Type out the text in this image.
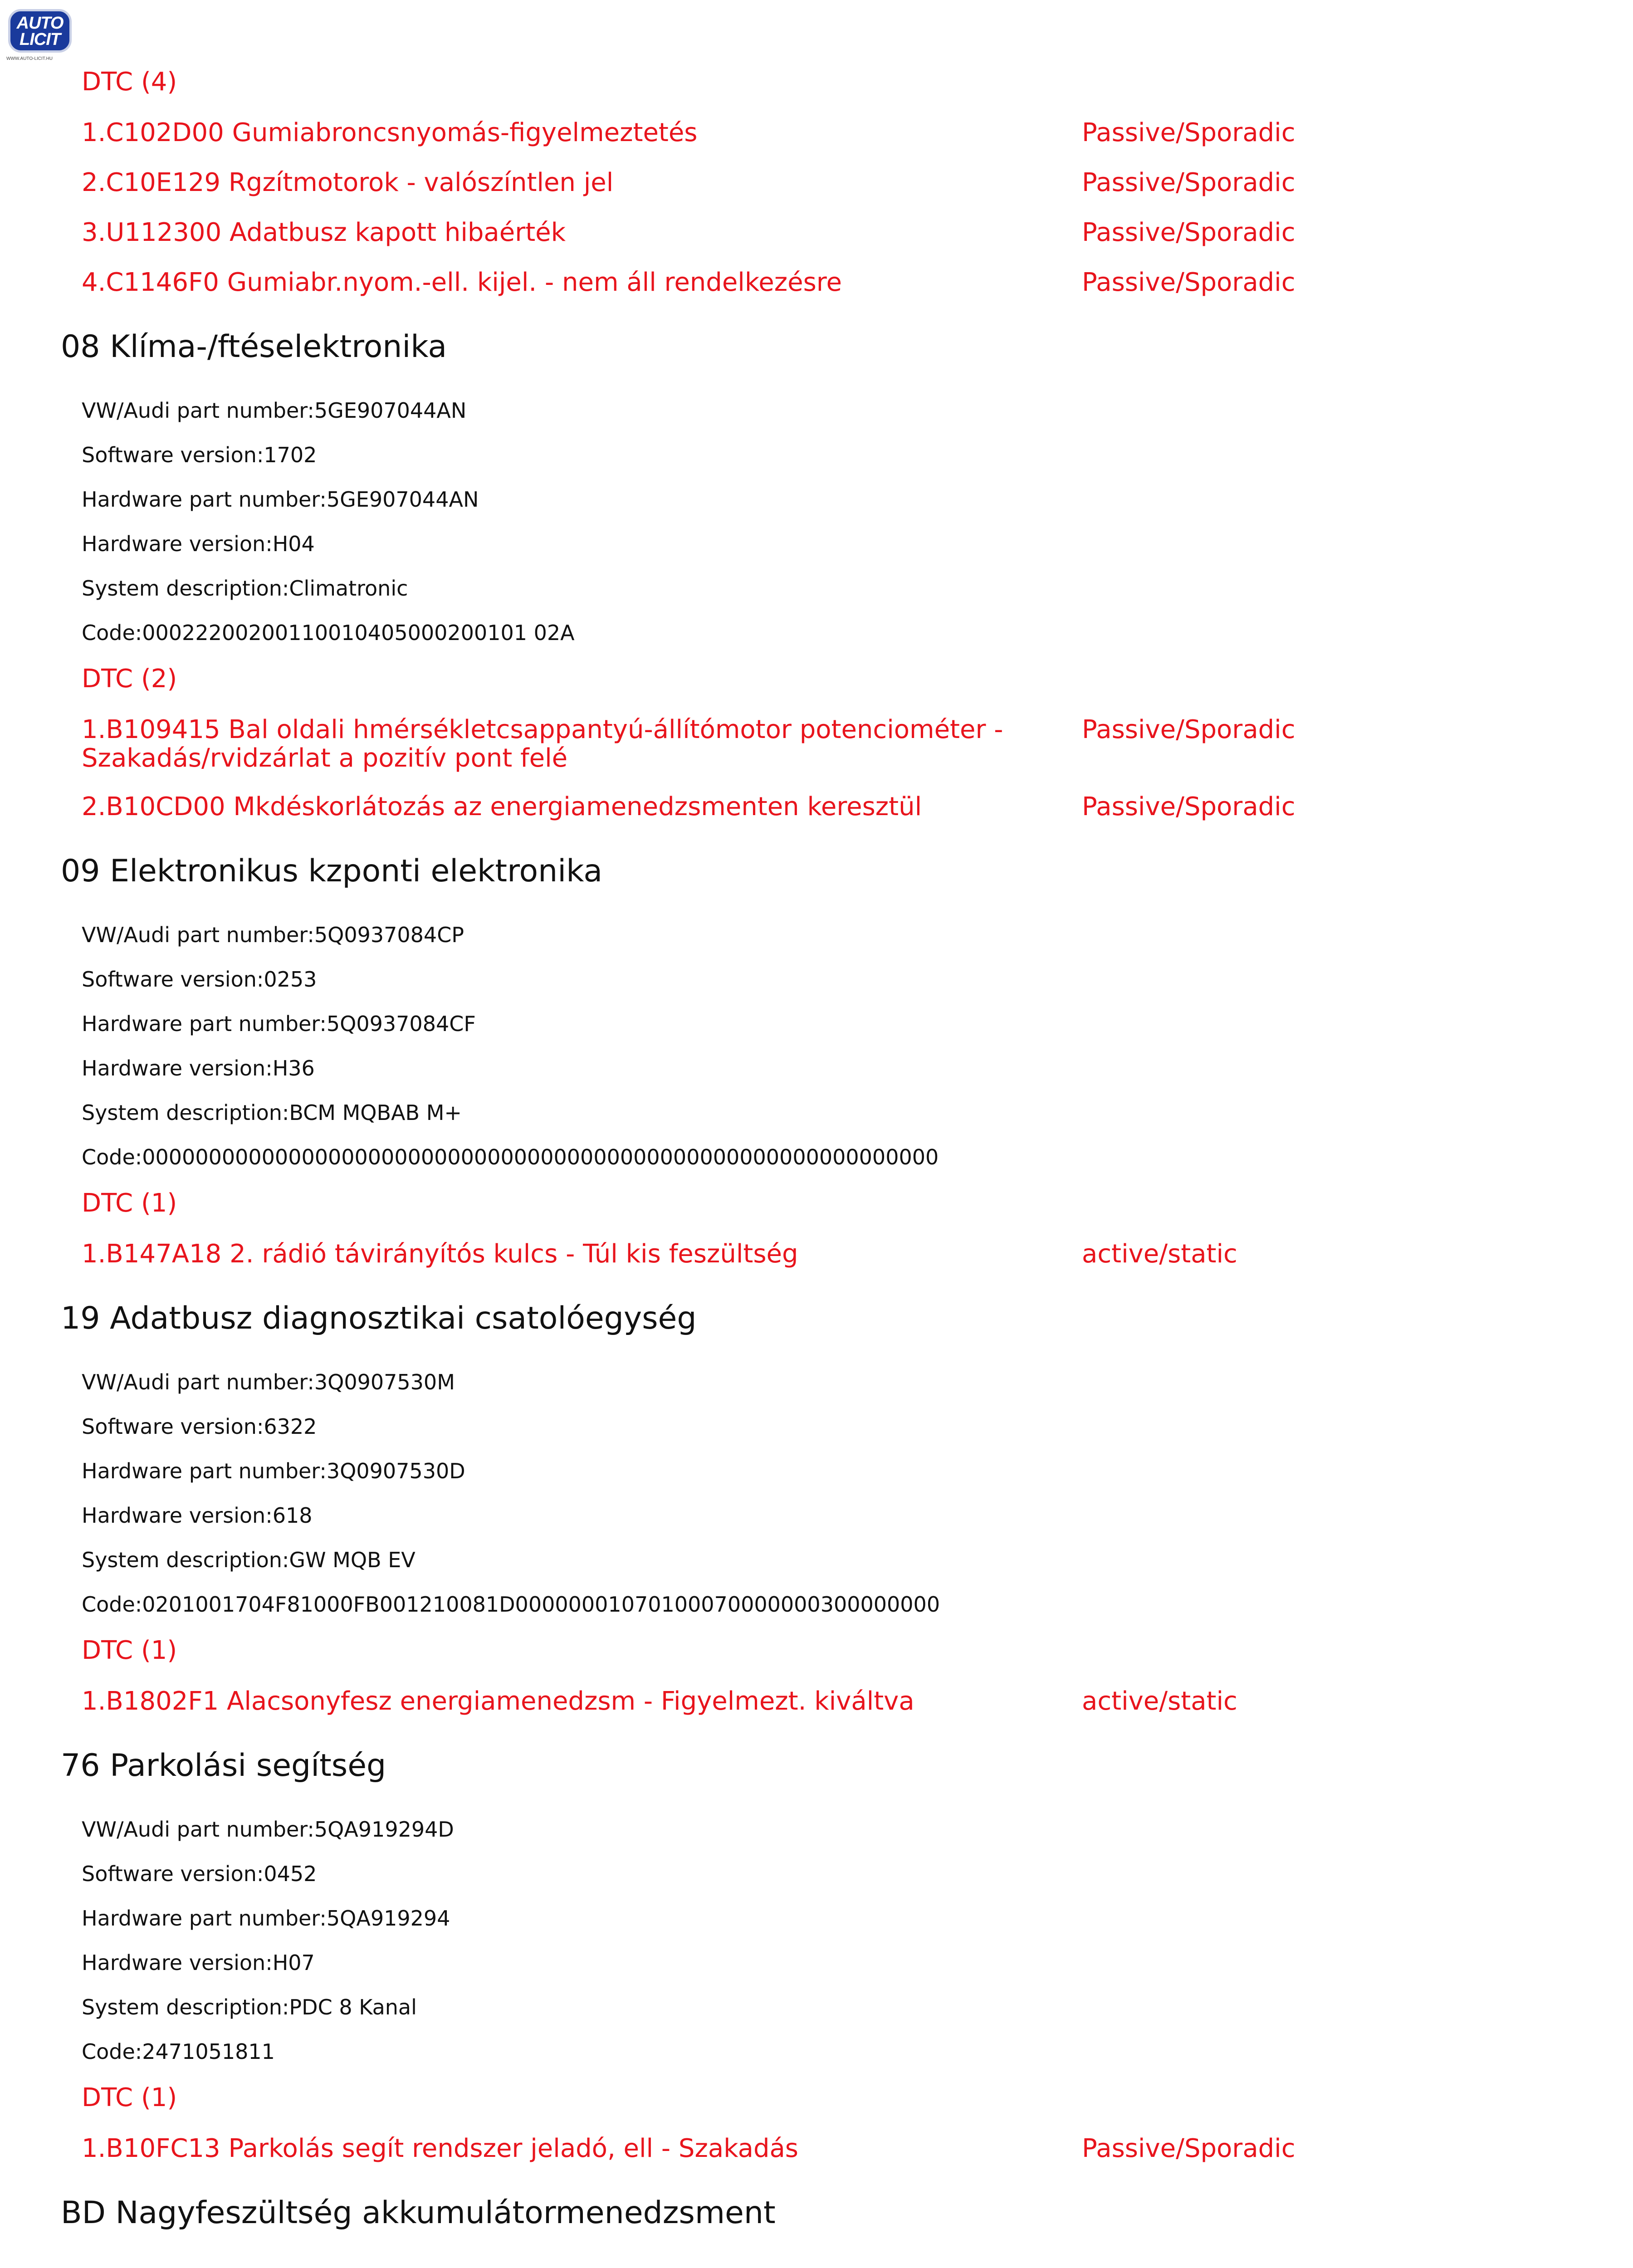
AUTO
LICIT
WWW.AUTO-LICIT.HU
DTC (4)
1.C102D00 Gumiabroncsnyomás-figyelmeztetés	Passive/Sporadic
2.C10E129 Rgzítmotorok - valószíntlen jel	Passive/Sporadic
3.U112300 Adatbusz kapott hibaérték	Passive/Sporadic
4.C1146F0 Gumiabr.nyom.-ell. kijel. - nem áll rendelkezésre	Passive/Sporadic
08 Klíma-/ftéselektronika
VW/Audi part number:5GE907044AN
Software version:1702
Hardware part number:5GE907044AN
Hardware version:H04
System description:Climatronic
Code:00022200200110010405000200101 02A
DTC (2)
1.B109415 Bal oldali hmérsékletcsappantyú-állítómotor potenciométer - Szakadás/rvidzárlat a pozitív pont felé
Passive/Sporadic
2.B10CD00 Mkdéskorlátozás az energiamenedzsmenten keresztül	Passive/Sporadic
09 Elektronikus kzponti elektronika
VW/Audi part number:5Q0937084CP
Software version:0253
Hardware part number:5Q0937084CF
Hardware version:H36
System description:BCM MQBAB M+
Code:000000000000000000000000000000000000000000000000000000000000
DTC (1)
1.B147A18 2. rádió távirányítós kulcs - Túl kis feszültség	active/static
19 Adatbusz diagnosztikai csatolóegység
VW/Audi part number:3Q0907530M
Software version:6322
Hardware part number:3Q0907530D
Hardware version:618
System description:GW MQB EV
Code:0201001704F81000FB001210081D00000001070100070000000300000000
DTC (1)
1.B1802F1 Alacsonyfesz energiamenedzsm - Figyelmezt. kiváltva	active/static
76 Parkolási segítség
VW/Audi part number:5QA919294D
Software version:0452
Hardware part number:5QA919294
Hardware version:H07
System description:PDC 8 Kanal
Code:2471051811
DTC (1)
1.B10FC13 Parkolás segít rendszer jeladó, ell - Szakadás	Passive/Sporadic
BD Nagyfeszültség akkumulátormenedzsment
